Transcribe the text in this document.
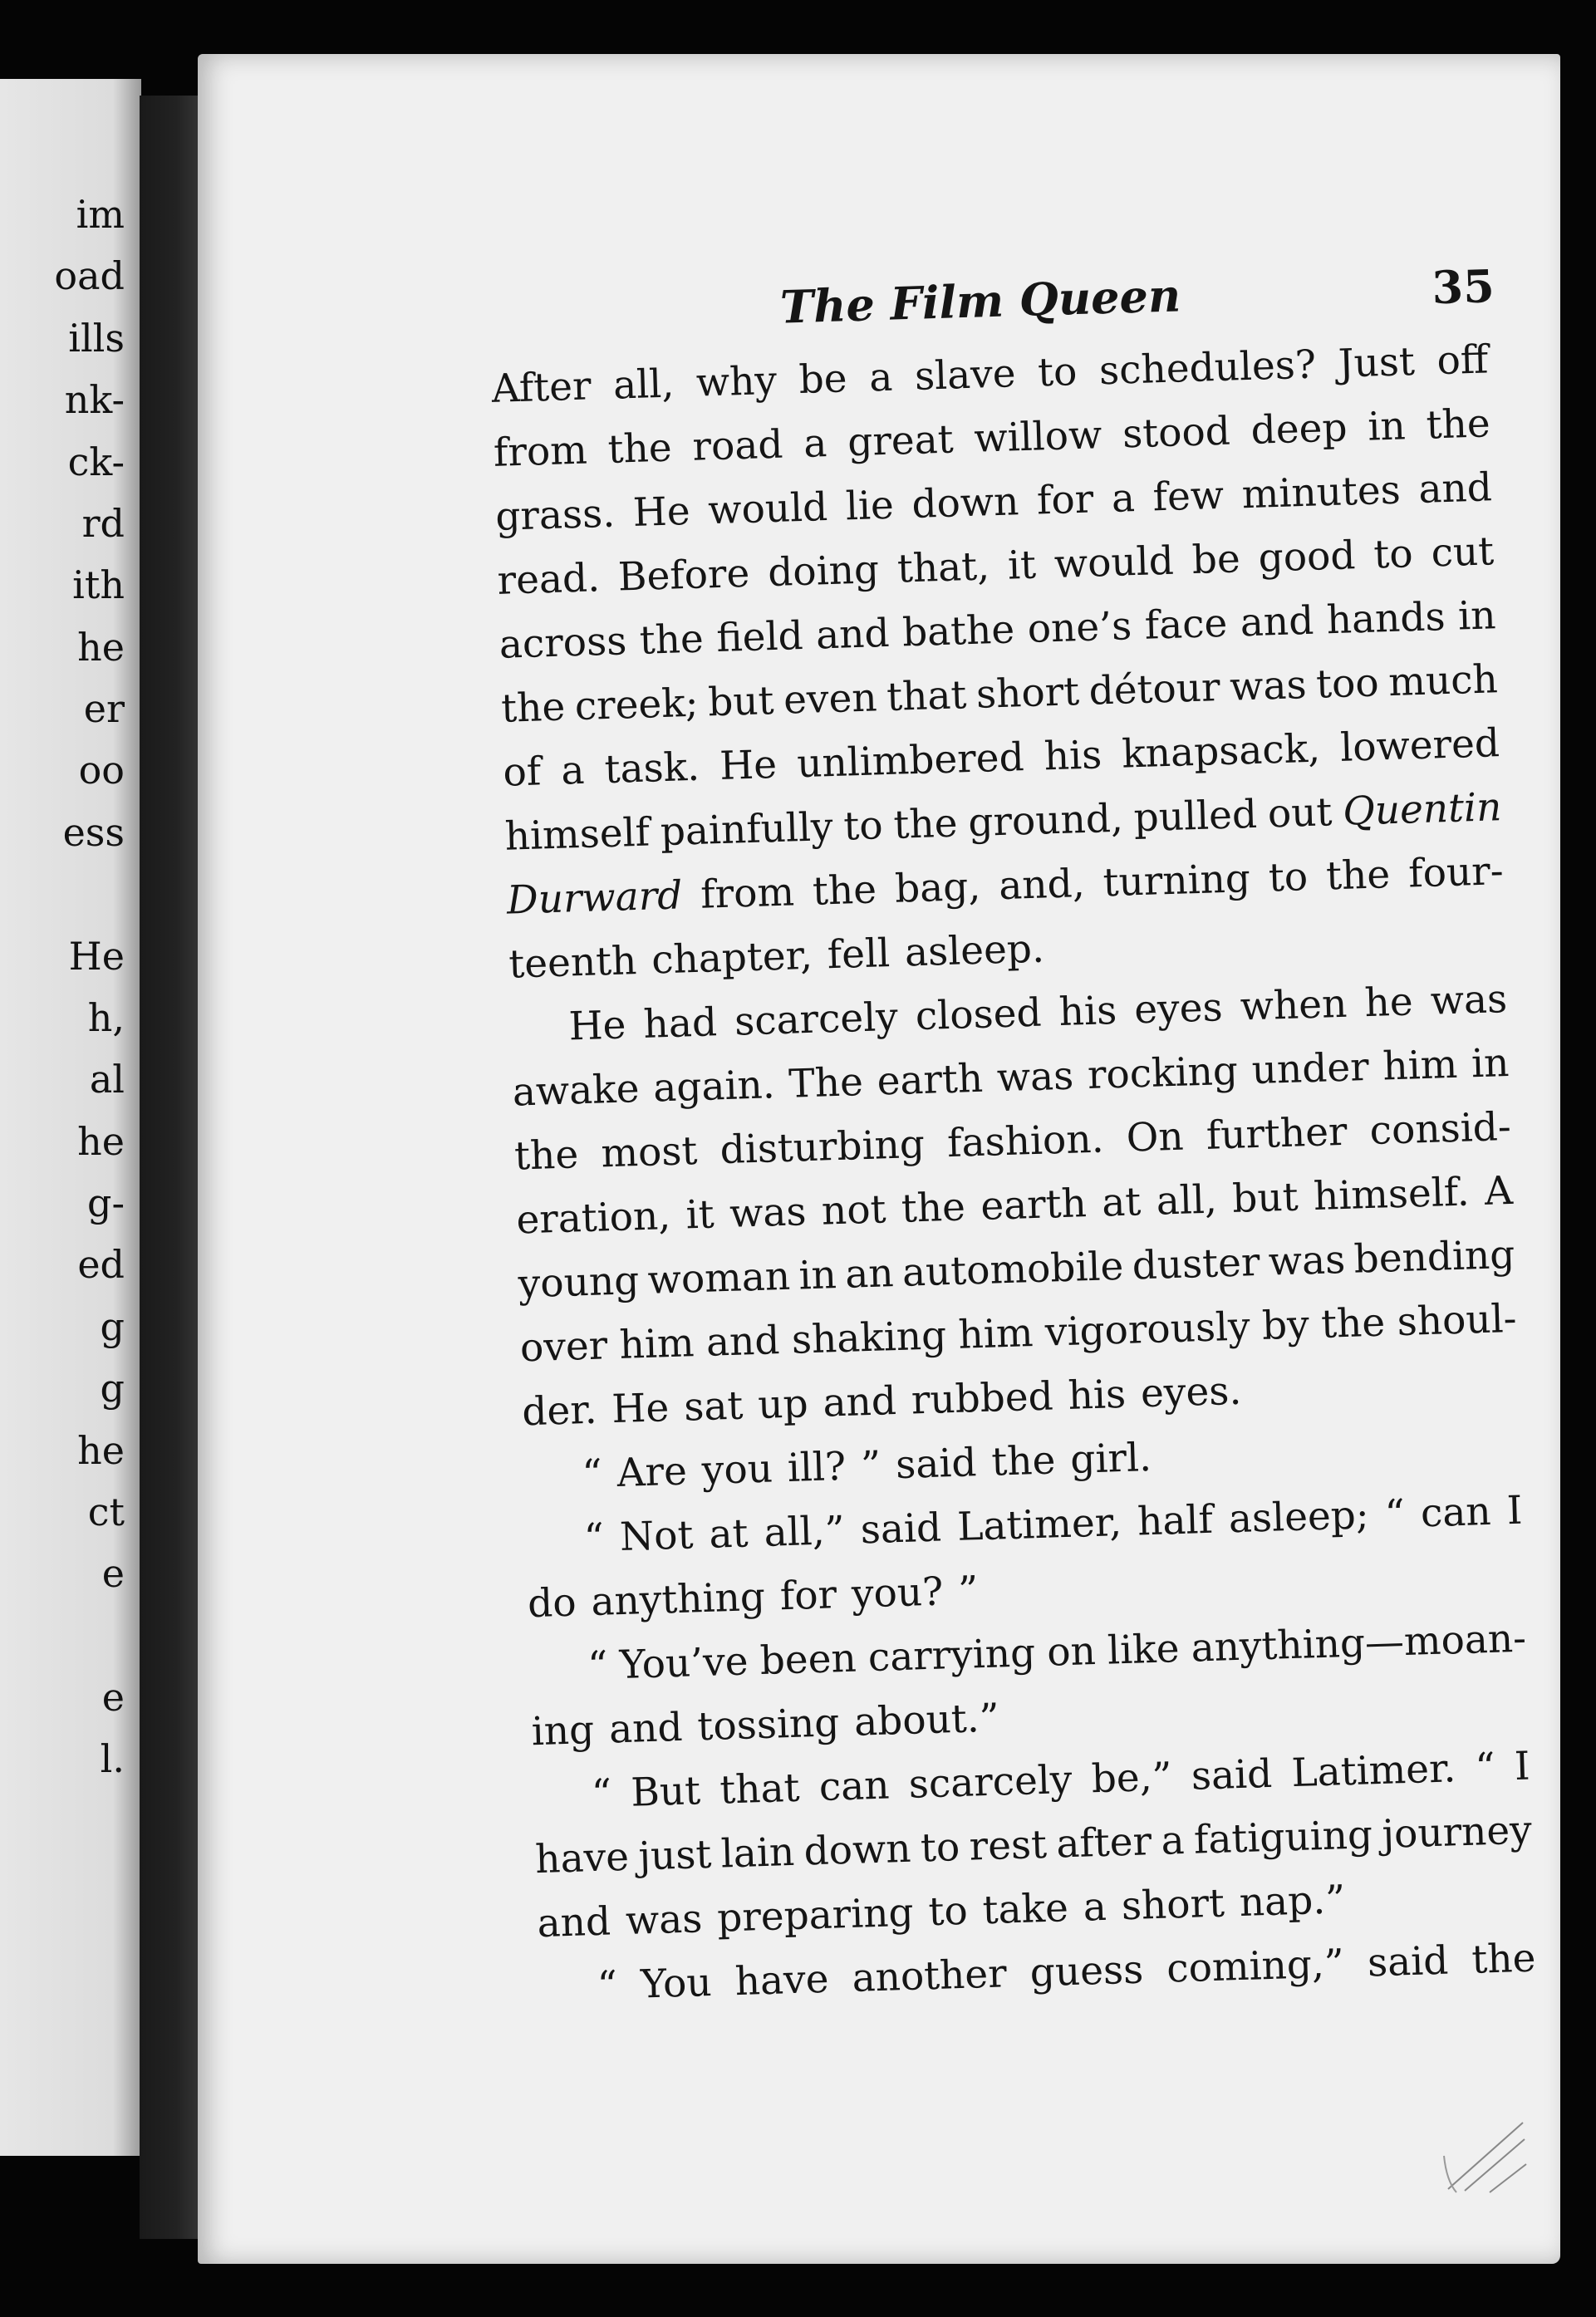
im
oad
ills
nk-
ck-
rd
ith
he
er
oo
ess
He
h,
al
he
g-
ed
g
g
he
ct
e
e
l.
The Film Queen	35
After all, why be a slave to schedules? Just off
from the road a great willow stood deep in the
grass. He would lie down for a few minutes and
read. Before doing that, it would be good to cut
across the field and bathe one’s face and hands in
the creek; but even that short détour was too much
of a task. He unlimbered his knapsack, lowered
himself painfully to the ground, pulled out Quentin
Durward from the bag, and, turning to the four-
teenth chapter, fell asleep.
He had scarcely closed his eyes when he was
awake again. The earth was rocking under him in
the most disturbing fashion. On further consid-
eration, it was not the earth at all, but himself. A
young woman in an automobile duster was bending
over him and shaking him vigorously by the shoul-
der. He sat up and rubbed his eyes.
“ Are you ill? ” said the girl.
“ Not at all,” said Latimer, half asleep; “ can I
do anything for you? ”
“ You’ve been carrying on like anything—moan-
ing and tossing about.”
“ But that can scarcely be,” said Latimer. “ I
have just lain down to rest after a fatiguing journey
and was preparing to take a short nap.”
“ You have another guess coming,” said the
